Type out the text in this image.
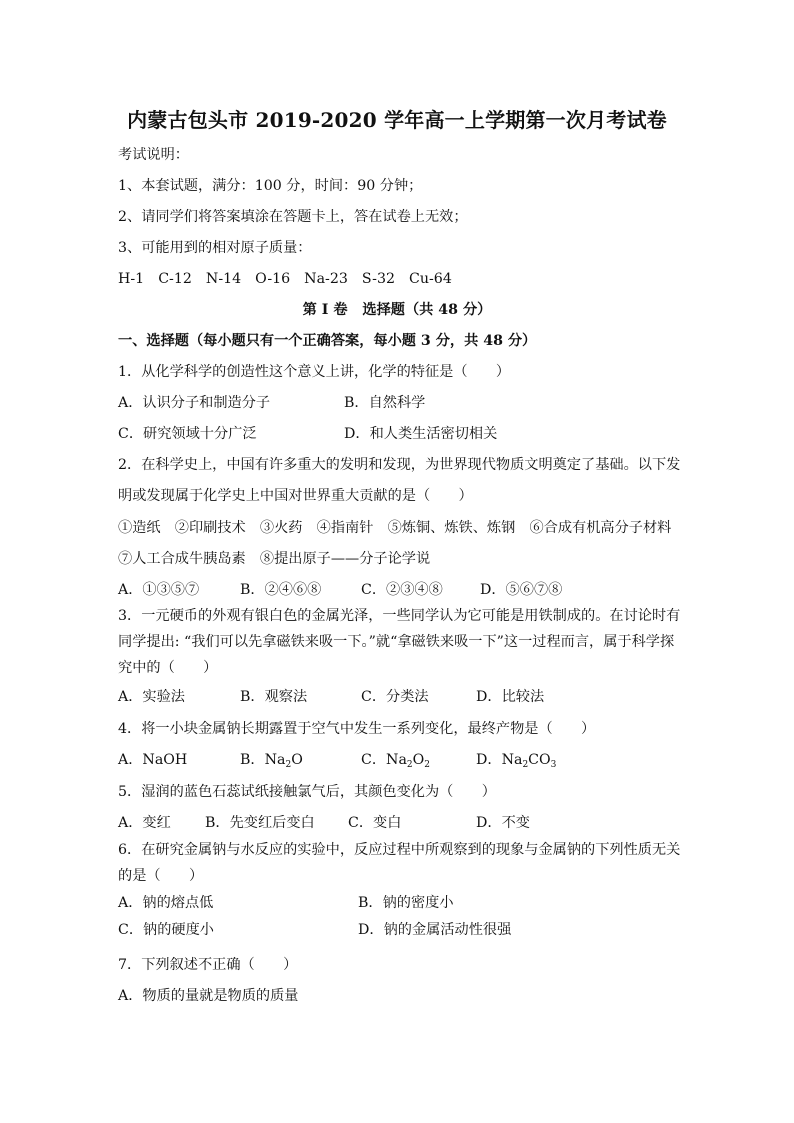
内蒙古包头市 2019-2020 学年高一上学期第一次月考试卷
考试说明：
1、本套试题，满分：100 分，时间：90 分钟；
2、请同学们将答案填涂在答题卡上，答在试卷上无效；
3、可能用到的相对原子质量：
H-1 C-12 N-14 O-16 Na-23 S-32 Cu-64
第 I 卷   选择题（共 48 分）
一、选择题（每小题只有一个正确答案，每小题 3 分，共 48 分）
1．从化学科学的创造性这个意义上讲，化学的特征是（　　）
A．认识分子和制造分子	B．自然科学
C．研究领域十分广泛	D．和人类生活密切相关
2．在科学史上，中国有许多重大的发明和发现，为世界现代物质文明奠定了基础。以下发
明或发现属于化学史上中国对世界重大贡献的是（　　）
①造纸　②印刷技术　③火药　④指南针　⑤炼铜、炼铁、炼钢　⑥合成有机高分子材料
⑦人工合成牛胰岛素　⑧提出原子——分子论学说
A．①③⑤⑦	B．②④⑥⑧	C．②③④⑧	D．⑤⑥⑦⑧
3．一元硬币的外观有银白色的金属光泽，一些同学认为它可能是用铁制成的。在讨论时有
同学提出: “我们可以先拿磁铁来吸一下。”就“拿磁铁来吸一下”这一过程而言，属于科学探
究中的（　　）
A．实验法	B．观察法	C．分类法	D．比较法
4．将一小块金属钠长期露置于空气中发生一系列变化，最终产物是（　　）
A．NaOH	B．$Na_2O$	C．$Na_2O_2$	D．$Na_2CO_3$
5．湿润的蓝色石蕊试纸接触氯气后，其颜色变化为（　　）
A．变红 B．先变红后变白 C．变白	D．不变
6．在研究金属钠与水反应的实验中，反应过程中所观察到的现象与金属钠的下列性质无关
的是（　　）
A．钠的熔点低	B．钠的密度小
C．钠的硬度小	D．钠的金属活动性很强
7．下列叙述不正确（　　）
A．物质的量就是物质的质量
